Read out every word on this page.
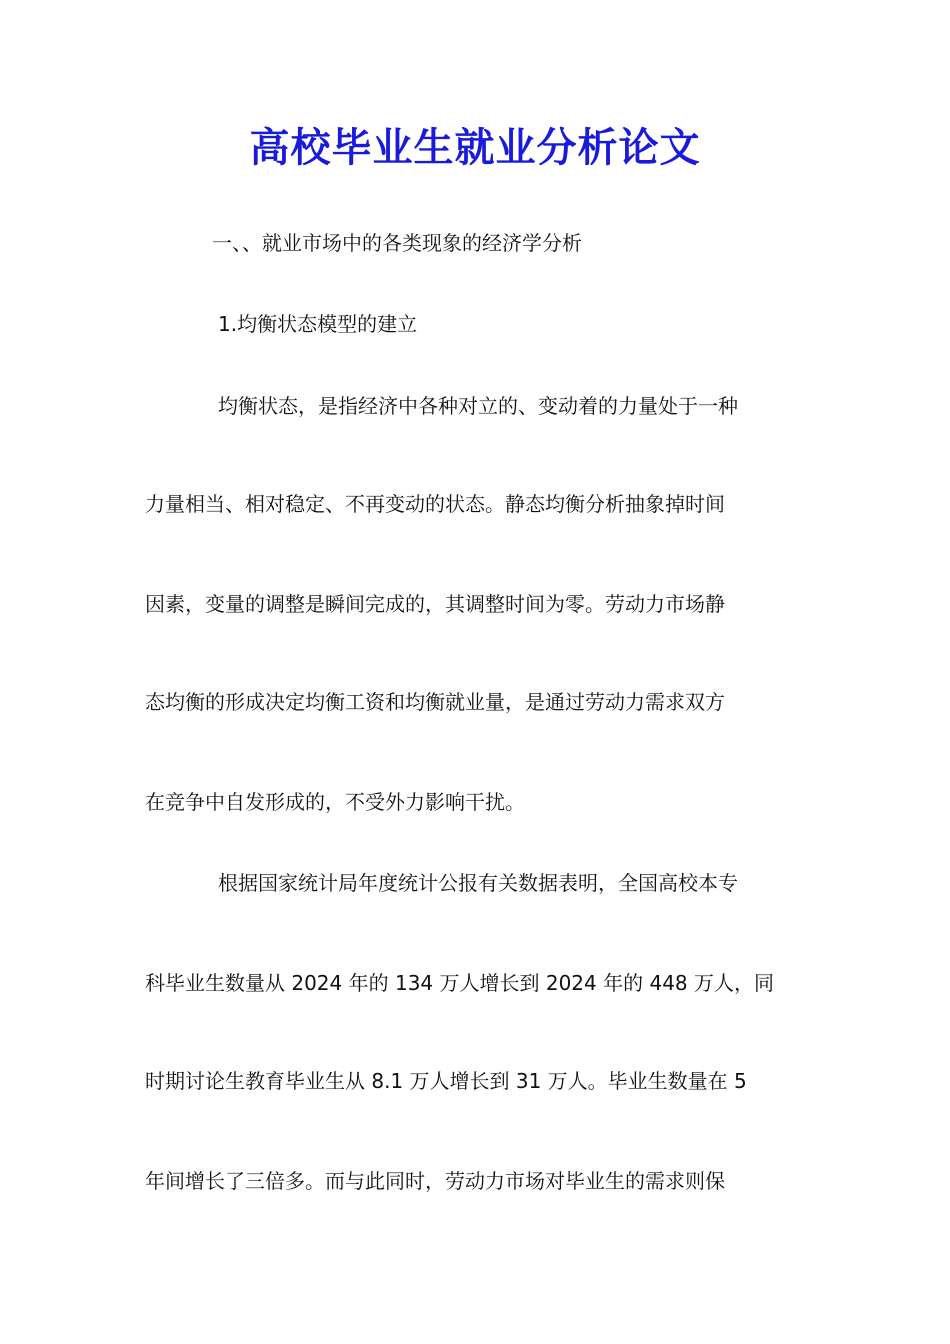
高校毕业生就业分析论文
一、、就业市场中的各类现象的经济学分析
1.均衡状态模型的建立
均衡状态，是指经济中各种对立的、变动着的力量处于一种
力量相当、相对稳定、不再变动的状态。静态均衡分析抽象掉时间
因素，变量的调整是瞬间完成的，其调整时间为零。劳动力市场静
态均衡的形成决定均衡工资和均衡就业量，是通过劳动力需求双方
在竞争中自发形成的，不受外力影响干扰。
根据国家统计局年度统计公报有关数据表明，全国高校本专
科毕业生数量从 2024 年的 134 万人增长到 2024 年的 448 万人，同
时期讨论生教育毕业生从 8.1 万人增长到 31 万人。毕业生数量在 5
年间增长了三倍多。而与此同时，劳动力市场对毕业生的需求则保
